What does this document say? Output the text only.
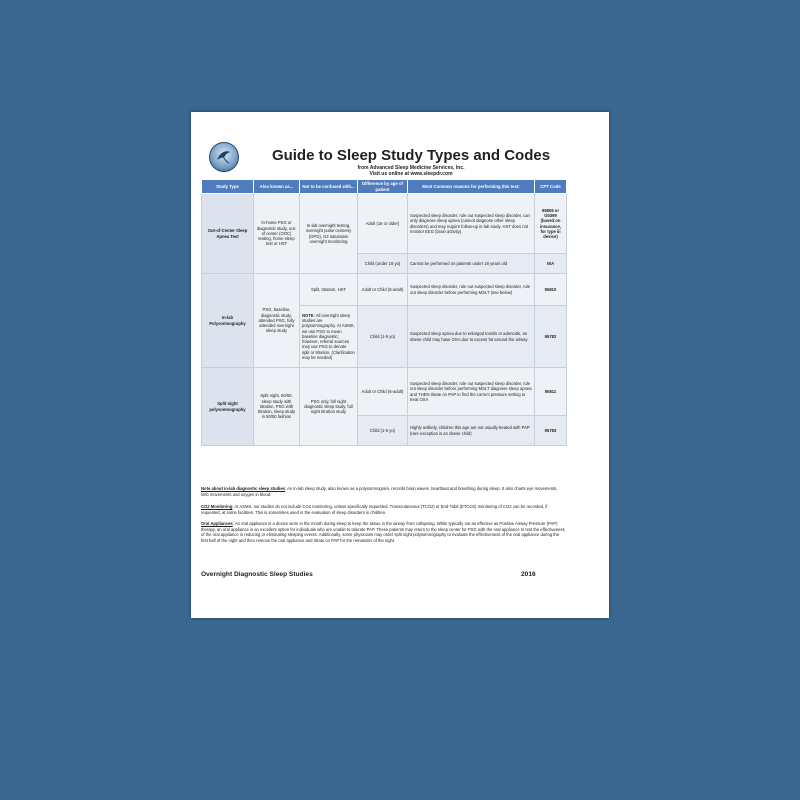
Guide to Sleep Study Types and Codes
from Advanced Sleep Medicine Services, Inc.
Visit us online at www.sleepdr.com
Study Type	Also known as...	Not to be confused with...	Difference by age of patient	Most Common reasons for performing this test:	CPT Code
Out-of-Center Sleep Apnea Test	In-home PSG or diagnostic study, out-of center (OOC) testing, home sleep test or HST	In-lab overnight testing, overnight pulse oximetry (OPO), O2 saturation overnight monitoring	Adult (18 or older)	Suspected sleep disorder, rule out suspected sleep disorder, can only diagnose sleep apnea (cannot diagnose other sleep disorders) and may require follow-up in-lab study. HST does not monitor EEG (brain activity).	95806 or G0399 (based on insurance, for type iii device)
			Child (under 18 yo)	Cannot be performed on patients under 18 years old	N/A
In-lab Polysomnography	PSG, baseline, diagnostic study, attended PSG, fully attended overnight sleep study	Split, titration, HST	Adult or Child (6-adult)	Suspected sleep disorder, rule out suspected sleep disorder, rule out sleep disorder before performing MSLT (see below)	95810
		NOTE: All overnight sleep studies are polysomnography. At ASMS, we use PSG to mean baseline diagnostic; however, referral sources may use PSG to denote split or titration. (Clarification may be needed)	Child (1-5 yo)	Suspected sleep apnea due to enlarged tonsils or adenoids, an obese child may have OSA due to excess fat around the airway	95782
Split night polysomnography	Split night, 50/50, sleep study with titration, PSG with titration, sleep study in 50/50 fashion	PSG only, full night diagnostic sleep study, full night titration study	Adult or Child (6-adult)	Suspected sleep disorder, rule out suspected sleep disorder, rule out sleep disorder before performing MSLT diagnose sleep apnea and THEN titrate on PAP to find the correct pressure setting to treat OSA	95811
			Child (1-5 yo)	Highly unlikely, children this age are not usually treated with PAP (rare exception is an obese child)	95783
Note about in-lab diagnostic sleep studies: An in-lab sleep study, also known as a polysomnogram, records brain waves, heartbeat and breathing during sleep. It also charts eye movements, limb movements and oxygen in blood.
CO2 Monitoring: At ASMS, our studies do not include CO2 monitoring, unless specifically requested. Transcutaneous (TCO2) or End-Tidal (ETCO2) monitoring of CO2 can be recorded, if requested, at some facilities. This is sometimes used in the evaluation of sleep disorders in children.
Oral Appliances: An oral appliance is a device worn in the mouth during sleep to keep the tissue in the airway from collapsing. While typically not as effective as Positive Airway Pressure (PAP) therapy, an oral appliance is an excellent option for individuals who are unable to tolerate PAP. These patients may return to the sleep center for PSG with the oral appliance to test the effectiveness of the oral appliance in reducing or eliminating sleeping events. Additionally, some physicians may order split night polysomnography to evaluate the effectiveness of the oral appliance during the first half of the night and then remove the oral appliance and titrate on PAP for the remainder of the night.
Overnight Diagnostic Sleep Studies	2016
